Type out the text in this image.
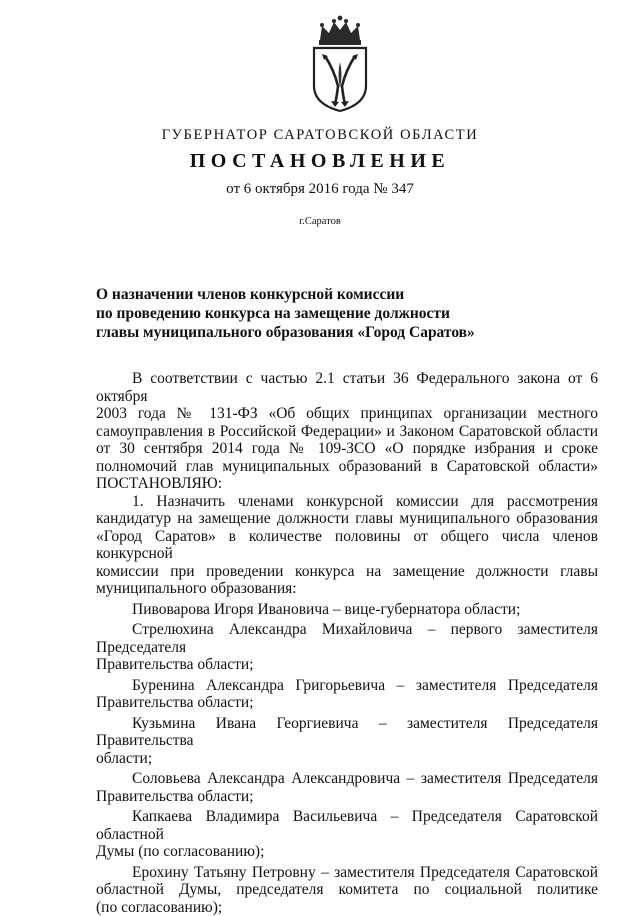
ГУБЕРНАТОР САРАТОВСКОЙ ОБЛАСТИ
ПОСТАНОВЛЕНИЕ
от 6 октября 2016 года № 347
г.Саратов
О назначении членов конкурсной комиссии
по проведению конкурса на замещение должности
главы муниципального образования «Город Саратов»
В соответствии с частью 2.1 статьи 36 Федерального закона от 6 октября
2003 года № 131-ФЗ «Об общих принципах организации местного
самоуправления в Российской Федерации» и Законом Саратовской области
от 30 сентября 2014 года № 109-ЗСО «О порядке избрания и сроке
полномочий глав муниципальных образований в Саратовской области»
ПОСТАНОВЛЯЮ:
1. Назначить членами конкурсной комиссии для рассмотрения
кандидатур на замещение должности главы муниципального образования
«Город Саратов» в количестве половины от общего числа членов конкурсной
комиссии при проведении конкурса на замещение должности главы
муниципального образования:
Пивоварова Игоря Ивановича – вице-губернатора области;
Стрелюхина Александра Михайловича – первого заместителя Председателя
Правительства области;
Буренина Александра Григорьевича – заместителя Председателя
Правительства области;
Кузьмина Ивана Георгиевича – заместителя Председателя Правительства
области;
Соловьева Александра Александровича – заместителя Председателя
Правительства области;
Капкаева Владимира Васильевича – Председателя Саратовской областной
Думы (по согласованию);
Ерохину Татьяну Петровну – заместителя Председателя Саратовской
областной Думы, председателя комитета по социальной политике
(по согласованию);
